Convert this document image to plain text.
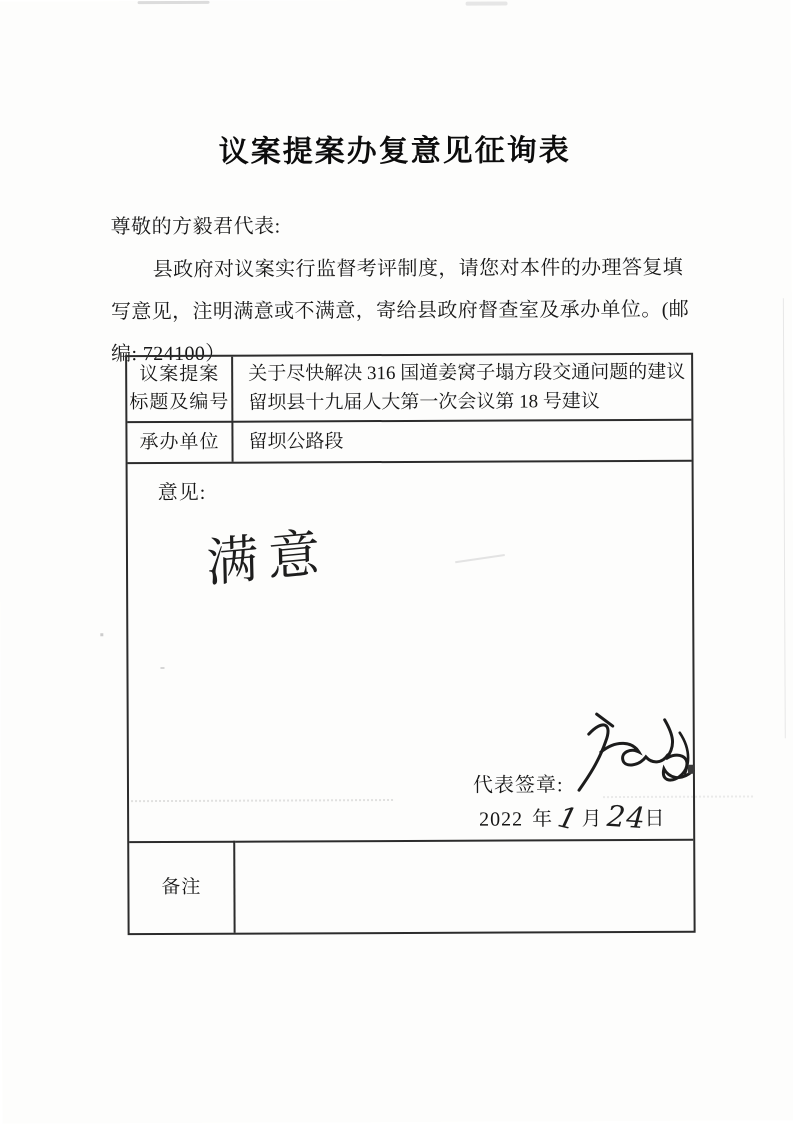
议案提案办复意见征询表
尊敬的方毅君代表:
县政府对议案实行监督考评制度，请您对本件的办理答复填
写意见，注明满意或不满意，寄给县政府督查室及承办单位。(邮
编: 724100）
议案提案
标题及编号
关于尽快解决 316 国道姜窝子塌方段交通问题的建议
留坝县十九届人大第一次会议第 18 号建议
承办单位 留坝公路段
意见:
满意
代表签章:
2022 年 1 月 24
日
备注
